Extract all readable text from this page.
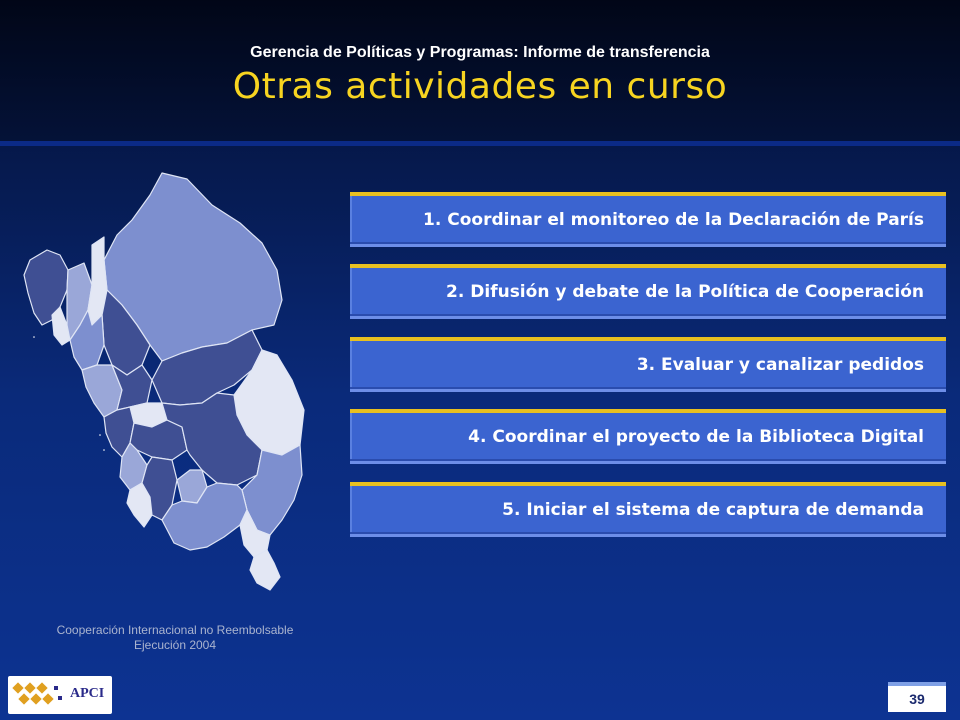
Gerencia de Políticas y Programas: Informe de transferencia
Otras actividades en curso
Cooperación Internacional no Reembolsable
Ejecución 2004
1. Coordinar el monitoreo de la Declaración de París
2. Difusión y debate de la Política de Cooperación
3. Evaluar y canalizar pedidos
4. Coordinar el proyecto de la Biblioteca Digital
5. Iniciar el sistema de captura de demanda
APCI	39
